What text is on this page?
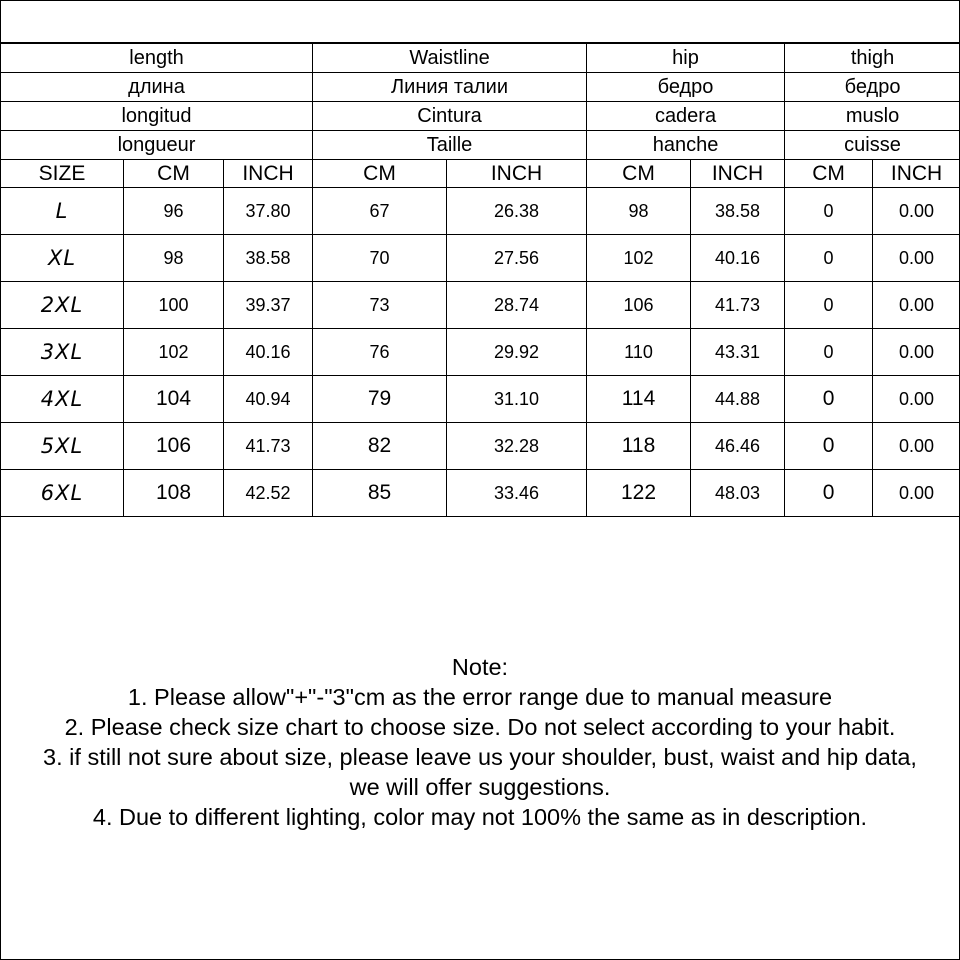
length			Waistline		hip		thigh	
длина			Линия талии		бедро		бедро	
longitud			Cintura		cadera		muslo	
longueur			Taille		hanche		cuisse	
SIZE	CM	INCH	CM	INCH	CM	INCH	CM	INCH
L	96	37.80	67	26.38	98	38.58	0	0.00
XL	98	38.58	70	27.56	102	40.16	0	0.00
2XL	100	39.37	73	28.74	106	41.73	0	0.00
3XL	102	40.16	76	29.92	110	43.31	0	0.00
4XL	104	40.94	79	31.10	114	44.88	0	0.00
5XL	106	41.73	82	32.28	118	46.46	0	0.00
6XL	108	42.52	85	33.46	122	48.03	0	0.00
Note:
1. Please allow"+"-"3"cm as the error range due to manual measure
2. Please check size chart to choose size. Do not select according to your habit.
3. if still not sure about size, please leave us your shoulder, bust, waist and hip data,
we will offer suggestions.
4. Due to different lighting, color may not 100% the same as in description.
